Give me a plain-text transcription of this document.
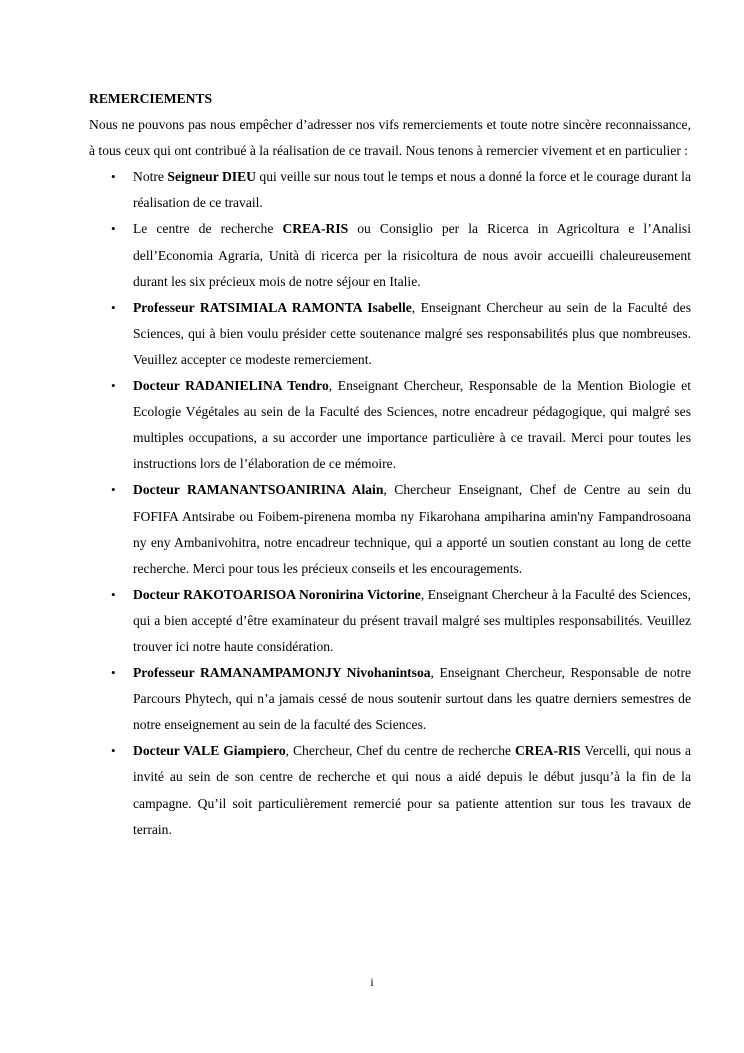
REMERCIEMENTS

Nous ne pouvons pas nous empêcher d’adresser nos vifs remerciements et toute notre sincère reconnaissance, à tous ceux qui ont contribué à la réalisation de ce travail. Nous tenons à remercier vivement et en particulier :

• Notre Seigneur DIEU qui veille sur nous tout le temps et nous a donné la force et le courage durant la réalisation de ce travail.
• Le centre de recherche CREA-RIS ou Consiglio per la Ricerca in Agricoltura e l’Analisi dell’Economia Agraria, Unità di ricerca per la risicoltura de nous avoir accueilli chaleureusement durant les six précieux mois de notre séjour en Italie.
• Professeur RATSIMIALA RAMONTA Isabelle, Enseignant Chercheur au sein de la Faculté des Sciences, qui à bien voulu présider cette soutenance malgré ses responsabilités plus que nombreuses. Veuillez accepter ce modeste remerciement.
• Docteur RADANIELINA Tendro, Enseignant Chercheur, Responsable de la Mention Biologie et Ecologie Végétales au sein de la Faculté des Sciences, notre encadreur pédagogique, qui malgré ses multiples occupations, a su accorder une importance particulière à ce travail. Merci pour toutes les instructions lors de l’élaboration de ce mémoire.
• Docteur RAMANANTSOANIRINA Alain, Chercheur Enseignant, Chef de Centre au sein du FOFIFA Antsirabe ou Foibem-pirenena momba ny Fikarohana ampiharina amin'ny Fampandrosoana ny eny Ambanivohitra, notre encadreur technique, qui a apporté un soutien constant au long de cette recherche. Merci pour tous les précieux conseils et les encouragements.
• Docteur RAKOTOARISOA Noronirina Victorine, Enseignant Chercheur à la Faculté des Sciences, qui a bien accepté d’être examinateur du présent travail malgré ses multiples responsabilités. Veuillez trouver ici notre haute considération.
• Professeur RAMANAMPAMONJY Nivohanintsoa, Enseignant Chercheur, Responsable de notre Parcours Phytech, qui n’a jamais cessé de nous soutenir surtout dans les quatre derniers semestres de notre enseignement au sein de la faculté des Sciences.
• Docteur VALE Giampiero, Chercheur, Chef du centre de recherche CREA-RIS Vercelli, qui nous a invité au sein de son centre de recherche et qui nous a aidé depuis le début jusqu’à la fin de la campagne. Qu’il soit particulièrement remercié pour sa patiente attention sur tous les travaux de terrain.
i
